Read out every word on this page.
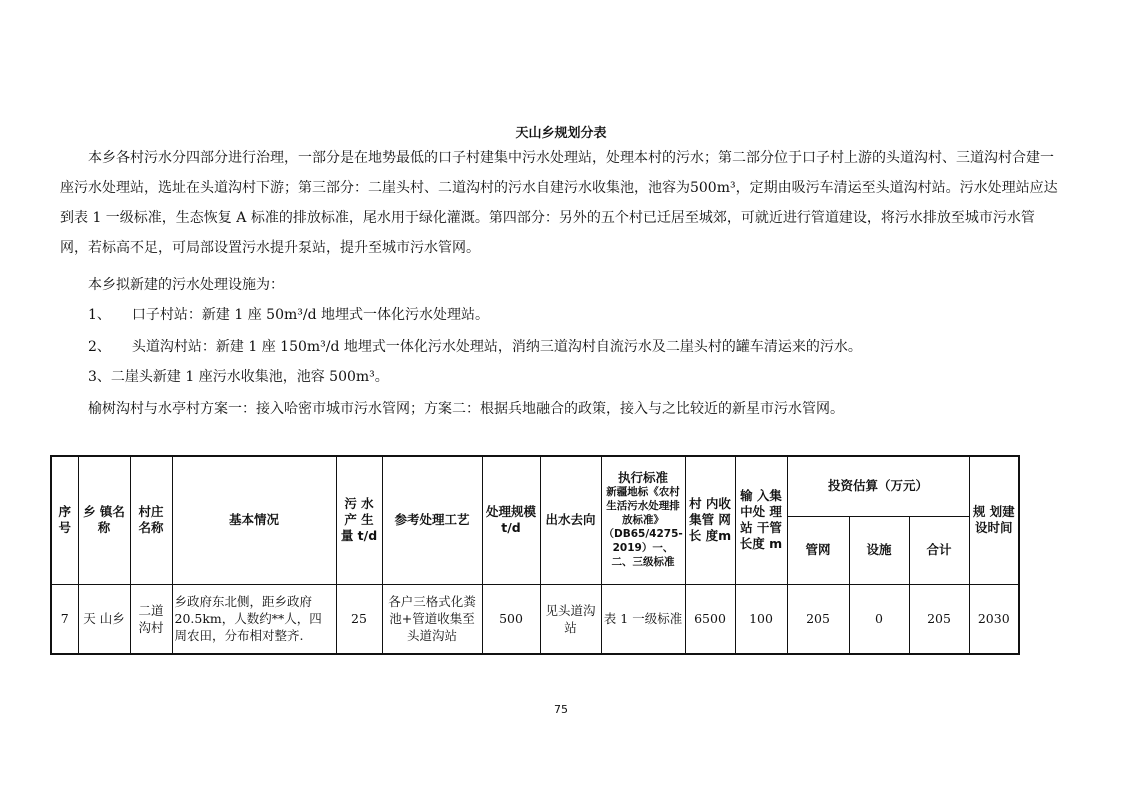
天山乡规划分表

本乡各村污水分四部分进行治理，一部分是在地势最低的口子村建集中污水处理站，处理本村的污水；第二部分位于口子村上游的头道沟村、三道沟村合建一座污水处理站，选址在头道沟村下游；第三部分：二崖头村、二道沟村的污水自建污水收集池，池容为500m³，定期由吸污车清运至头道沟村站。污水处理站应达到表 1 一级标准，生态恢复 A 标准的排放标准，尾水用于绿化灌溉。第四部分：另外的五个村已迁居至城郊，可就近进行管道建设，将污水排放至城市污水管网，若标高不足，可局部设置污水提升泵站，提升至城市污水管网。

本乡拟新建的污水处理设施为：
1、　　口子村站：新建 1 座 50m³/d 地埋式一体化污水处理站。
2、　　头道沟村站：新建 1 座 150m³/d 地埋式一体化污水处理站，消纳三道沟村自流污水及二崖头村的罐车清运来的污水。
3、二崖头新建 1 座污水收集池，池容 500m³。
榆树沟村与水亭村方案一：接入哈密市城市污水管网；方案二：根据兵地融合的政策，接入与之比较近的新星市污水管网。
序号	乡 镇名称	村庄名称	基本情况	污 水产 生量 t/d	参考处理工艺	处理规模 t/d	出水去向	执行标准
新疆地标《农村生活污水处理排放标准》（DB65/4275-2019）一、二、三级标准	村 内收 集管 网长 度m	输 入集 中处 理站 干管 长度 m	投资估算（万元）			规 划建 设时间
											管网	设施	合计	
7	天 山乡	二道沟村	乡政府东北侧，距乡政府20.5km，人数约**人，四周农田，分布相对整齐.	25	各户三格式化粪池+管道收集至头道沟站	500	见头道沟站	表 1 一级标准	6500	100	205	0	205	2030
75
